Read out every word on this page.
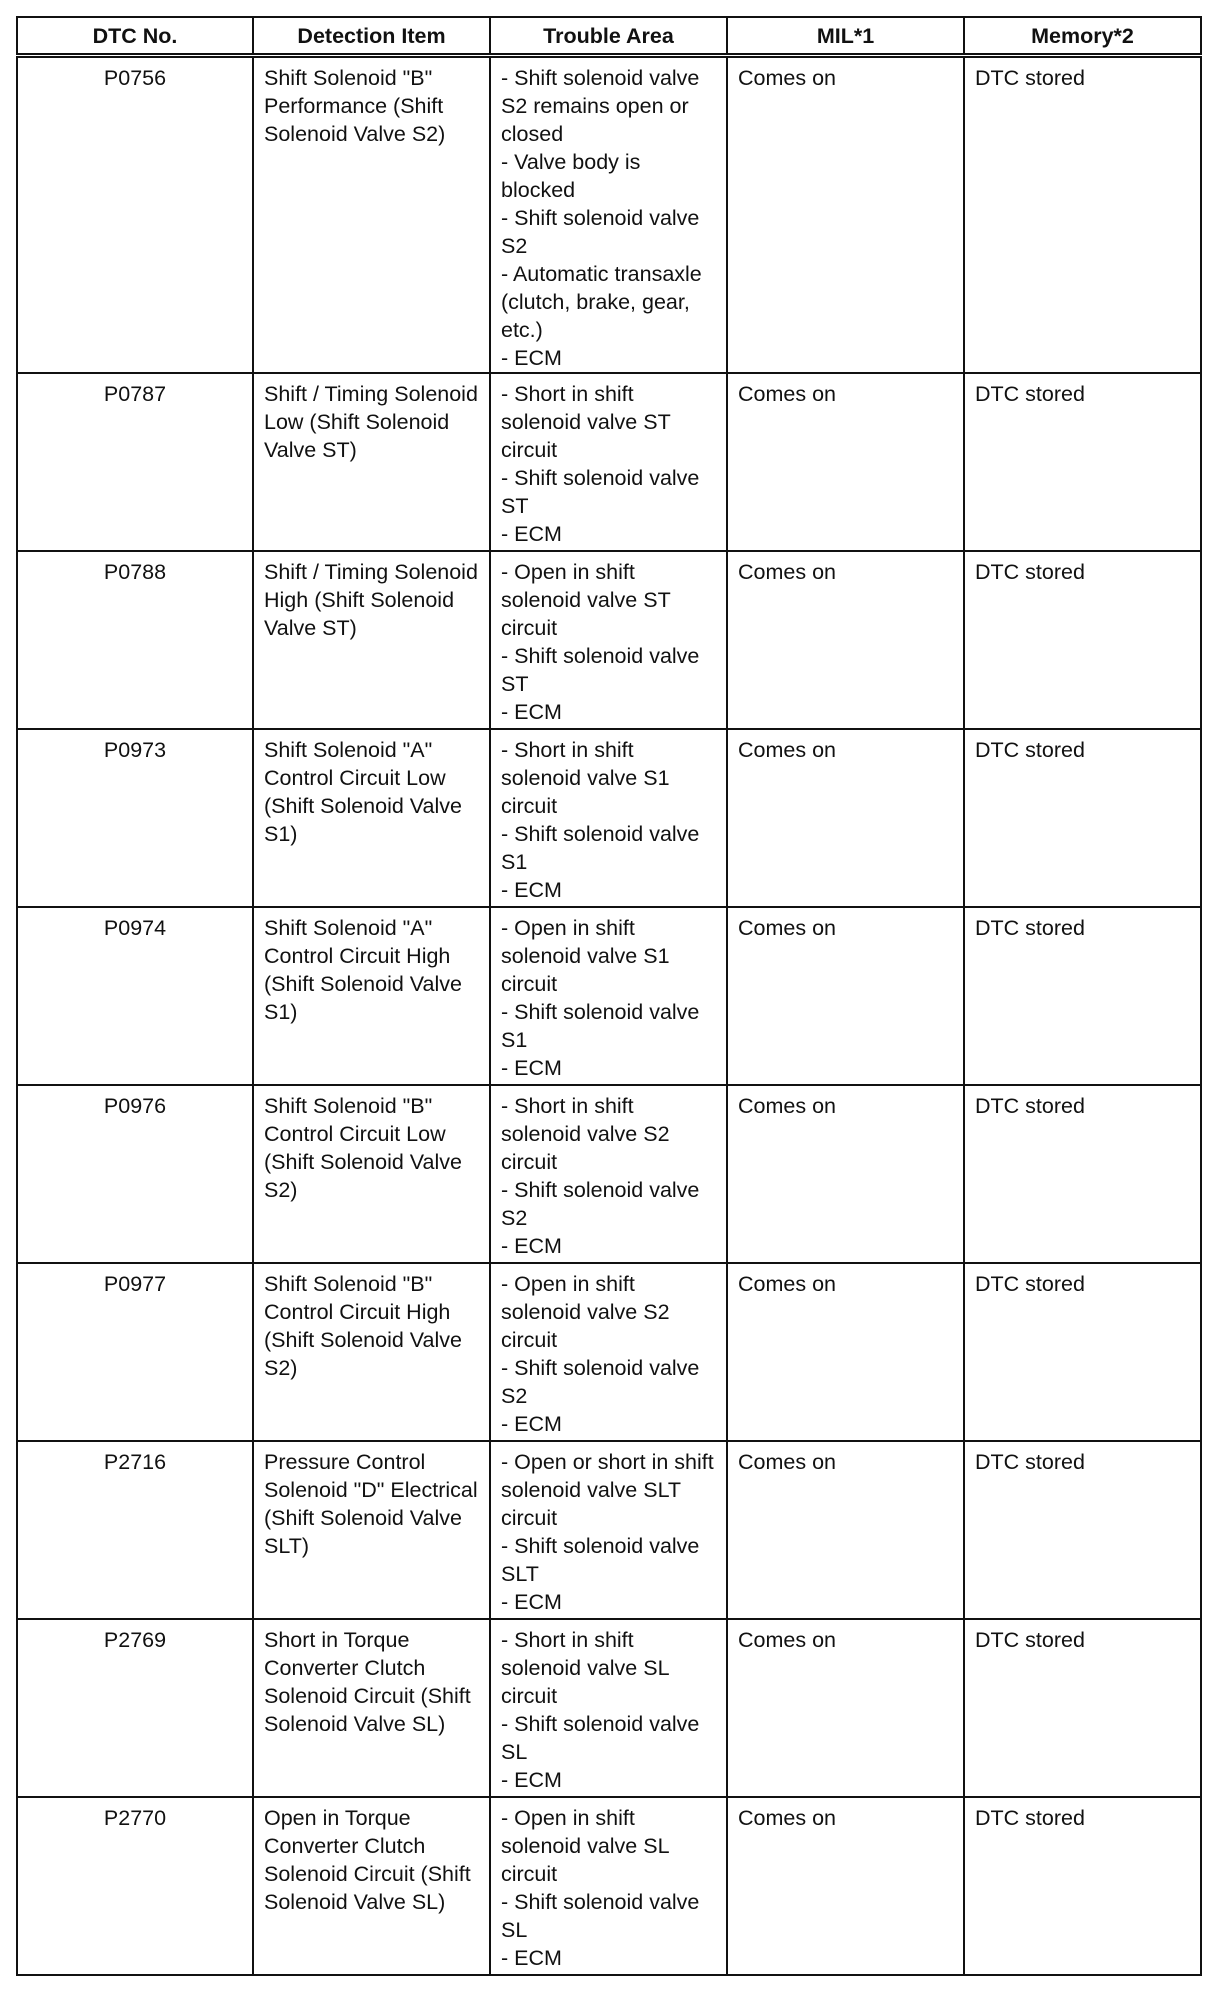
DTC No.	Detection Item	Trouble Area	MIL*1	Memory*2
P0756	Shift Solenoid "B" Performance (Shift Solenoid Valve S2)	- Shift solenoid valve S2 remains open or closed
- Valve body is blocked
- Shift solenoid valve S2
- Automatic transaxle (clutch, brake, gear, etc.)
- ECM	Comes on	DTC stored
P0787	Shift / Timing Solenoid Low (Shift Solenoid Valve ST)	- Short in shift solenoid valve ST circuit
- Shift solenoid valve ST
- ECM	Comes on	DTC stored
P0788	Shift / Timing Solenoid High (Shift Solenoid Valve ST)	- Open in shift solenoid valve ST circuit
- Shift solenoid valve ST
- ECM	Comes on	DTC stored
P0973	Shift Solenoid "A" Control Circuit Low (Shift Solenoid Valve S1)	- Short in shift solenoid valve S1 circuit
- Shift solenoid valve S1
- ECM	Comes on	DTC stored
P0974	Shift Solenoid "A" Control Circuit High (Shift Solenoid Valve S1)	- Open in shift solenoid valve S1 circuit
- Shift solenoid valve S1
- ECM	Comes on	DTC stored
P0976	Shift Solenoid "B" Control Circuit Low (Shift Solenoid Valve S2)	- Short in shift solenoid valve S2 circuit
- Shift solenoid valve S2
- ECM	Comes on	DTC stored
P0977	Shift Solenoid "B" Control Circuit High (Shift Solenoid Valve S2)	- Open in shift solenoid valve S2 circuit
- Shift solenoid valve S2
- ECM	Comes on	DTC stored
P2716	Pressure Control Solenoid "D" Electrical (Shift Solenoid Valve SLT)	- Open or short in shift solenoid valve SLT circuit
- Shift solenoid valve SLT
- ECM	Comes on	DTC stored
P2769	Short in Torque Converter Clutch Solenoid Circuit (Shift Solenoid Valve SL)	- Short in shift solenoid valve SL circuit
- Shift solenoid valve SL
- ECM	Comes on	DTC stored
P2770	Open in Torque Converter Clutch Solenoid Circuit (Shift Solenoid Valve SL)	- Open in shift solenoid valve SL circuit
- Shift solenoid valve SL
- ECM	Comes on	DTC stored
